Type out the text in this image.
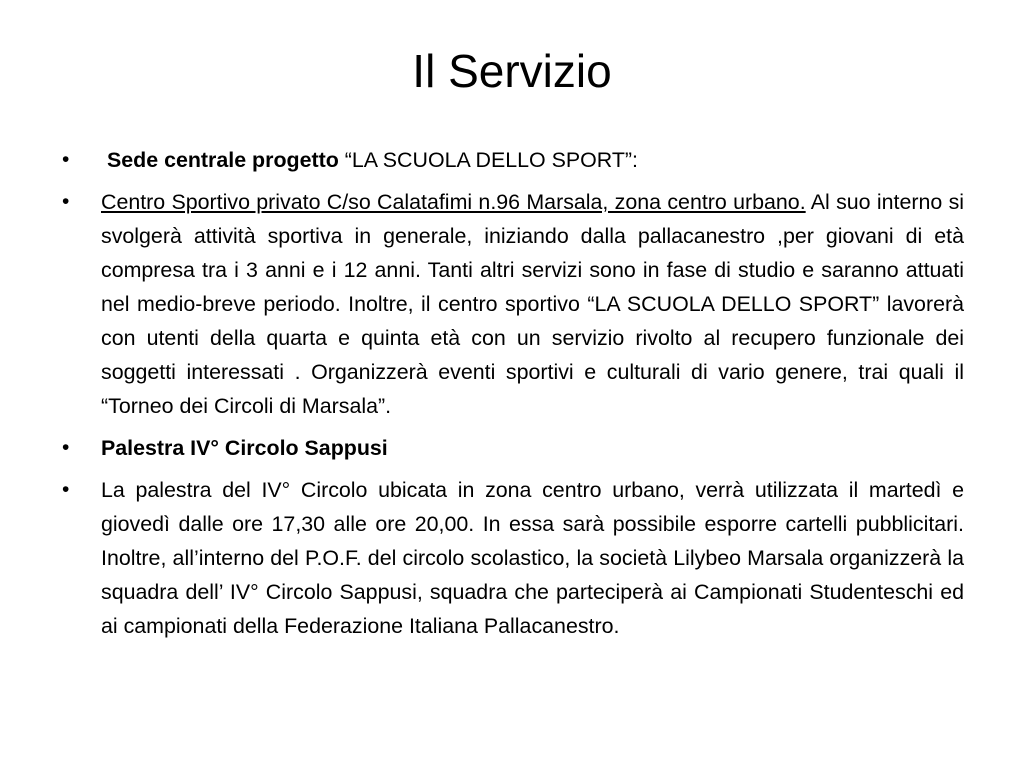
Il Servizio
•	Sede centrale progetto “LA SCUOLA DELLO SPORT”:
•	Centro Sportivo privato C/so Calatafimi n.96 Marsala, zona centro urbano. Al suo interno si svolgerà attività sportiva in generale, iniziando dalla pallacanestro ,per giovani di età compresa tra i 3 anni e i 12 anni. Tanti altri servizi sono in fase di studio e saranno attuati nel medio-breve periodo. Inoltre, il centro sportivo “LA SCUOLA DELLO SPORT” lavorerà con utenti della quarta e quinta età con un servizio rivolto al recupero funzionale dei soggetti interessati . Organizzerà eventi sportivi e culturali di vario genere, trai quali il “Torneo dei Circoli di Marsala”.
•	Palestra IV° Circolo Sappusi
•	La palestra del IV° Circolo ubicata in zona centro urbano, verrà utilizzata il martedì e giovedì dalle ore 17,30 alle ore 20,00. In essa sarà possibile esporre cartelli pubblicitari. Inoltre, all’interno del P.O.F. del circolo scolastico, la società Lilybeo Marsala organizzerà la squadra dell’ IV° Circolo Sappusi, squadra che parteciperà ai Campionati Studenteschi ed ai campionati della Federazione Italiana Pallacanestro.
